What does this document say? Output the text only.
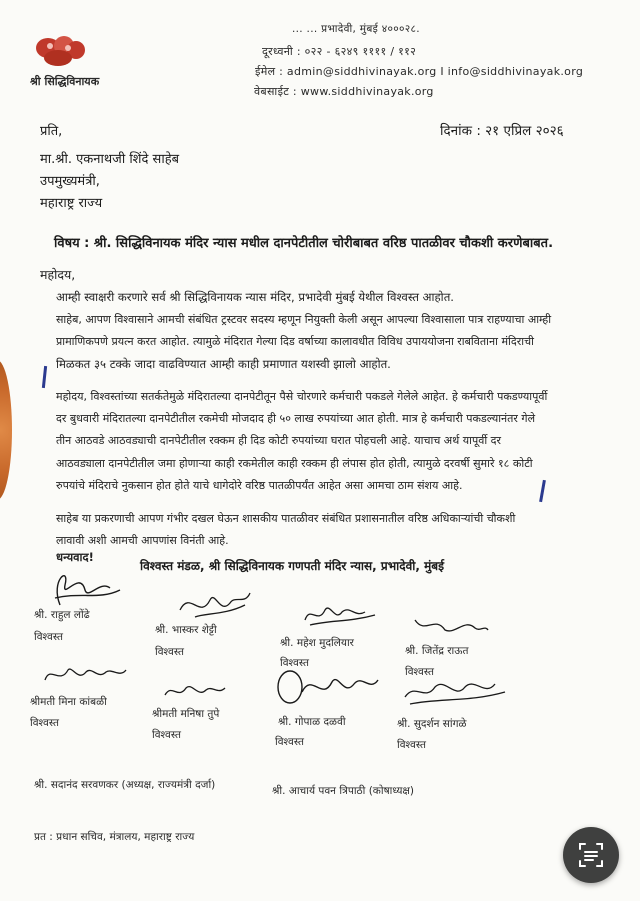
श्री सिद्धिविनायक
... ... प्रभादेवी, मुंबई ४०००२८.
दूरध्वनी : ०२२ - ६२४९ ११११ / ११२
ईमेल : admin@siddhivinayak.org I info@siddhivinayak.org
वेबसाईट : www.siddhivinayak.org
दिनांक : २१ एप्रिल २०२६
प्रति,
मा.श्री. एकनाथजी शिंदे साहेब
उपमुख्यमंत्री,
महाराष्ट्र राज्य
विषय : श्री. सिद्धिविनायक मंदिर न्यास मधील दानपेटीतील चोरीबाबत वरिष्ठ पातळीवर चौकशी करणेबाबत.
महोदय,
आम्ही स्वाक्षरी करणारे सर्व श्री सिद्धिविनायक न्यास मंदिर, प्रभादेवी मुंबई येथील विश्वस्त आहोत.
साहेब, आपण विश्वासाने आमची संबंधित ट्रस्टवर सदस्य म्हणून नियुक्ती केली असून आपल्या विश्वासाला पात्र राहण्याचा आम्ही
प्रामाणिकपणे प्रयत्न करत आहोत. त्यामुळे मंदिरात गेल्या दिड वर्षाच्या कालावधीत विविध उपाययोजना राबविताना मंदिराची
मिळकत ३५ टक्के जादा वाढविण्यात आम्ही काही प्रमाणात यशस्वी झालो आहोत.
महोदय, विश्वस्तांच्या सतर्कतेमुळे मंदिरातल्या दानपेटीतून पैसे चोरणारे कर्मचारी पकडले गेलेले आहेत. हे कर्मचारी पकडण्यापूर्वी
दर बुधवारी मंदिरातल्या दानपेटीतील रकमेची मोजदाद ही ५० लाख रुपयांच्या आत होती. मात्र हे कर्मचारी पकडल्यानंतर गेले
तीन आठवडे आठवड्याची दानपेटीतील रक्कम ही दिड कोटी रुपयांच्या घरात पोहचली आहे. याचाच अर्थ यापूर्वी दर
आठवड्याला दानपेटीतील जमा होणाऱ्या काही रकमेतील काही रक्कम ही लंपास होत होती, त्यामुळे दरवर्षी सुमारे १८ कोटी
रुपयांचे मंदिराचे नुकसान होत होते याचे धागेदोरे वरिष्ठ पातळीपर्यंत आहेत असा आमचा ठाम संशय आहे.
साहेब या प्रकरणाची आपण गंभीर दखल घेऊन शासकीय पातळीवर संबंधित प्रशासनातील वरिष्ठ अधिकाऱ्यांची चौकशी
लावावी अशी आमची आपणांस विनंती आहे.
धन्यवाद!
विश्वस्त मंडळ, श्री सिद्धिविनायक गणपती मंदिर न्यास, प्रभादेवी, मुंबई
श्री. राहुल लोंढे
विश्वस्त
श्री. भास्कर शेट्टी
विश्वस्त
श्री. महेश मुदलियार
विश्वस्त
श्री. जितेंद्र राऊत
विश्वस्त
श्रीमती मिना कांबळी
विश्वस्त
श्रीमती मनिषा तुपे
विश्वस्त
श्री. गोपाळ दळवी
विश्वस्त
श्री. सुदर्शन सांगळे
विश्वस्त
श्री. सदानंद सरवणकर (अध्यक्ष, राज्यमंत्री दर्जा)	श्री. आचार्य पवन त्रिपाठी (कोषाध्यक्ष)
प्रत : प्रधान सचिव, मंत्रालय, महाराष्ट्र राज्य
